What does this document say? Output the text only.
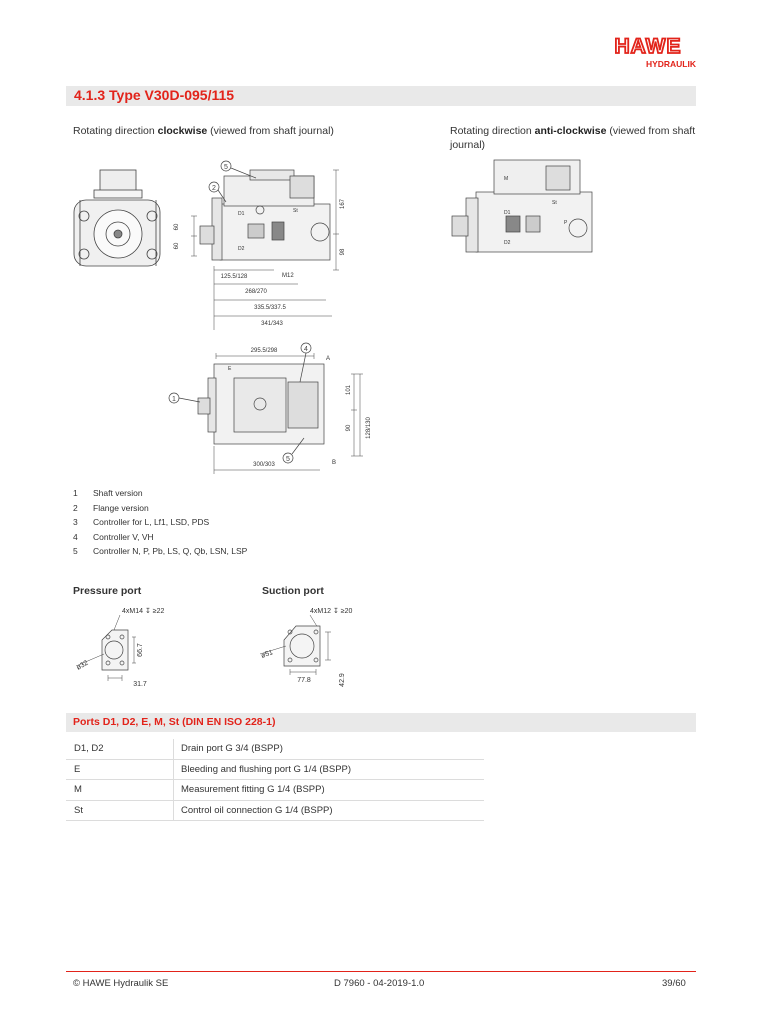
HAWE
HYDRAULIK
4.1.3 Type V30D-095/115
Rotating direction clockwise (viewed from shaft journal)	Rotating direction anti-clockwise (viewed from shaft
journal)
2
5
D1
D2
St
M12
60
60
167
98
125.5/128
268/270
335.5/337.5
341/343
M
D1
D2
St
P
1
4
5
E
A
B
295.5/298
101
90 128/130
300/303
1	Shaft version
2	Flange version
3	Controller for L, Lf1, LSD, PDS
4	Controller V, VH
5	Controller N, P, Pb, LS, Q, Qb, LSN, LSP
Pressure port
4xM14 ↧ ≥22
ø32
66.7
31.7
Suction port
4xM12 ↧ ≥20
ø51
77.8	42.9
Ports D1, D2, E, M, St (DIN EN ISO 228-1)
D1, D2	Drain port G 3/4 (BSPP)
E	Bleeding and flushing port G 1/4 (BSPP)
M	Measurement fitting G 1/4 (BSPP)
St	Control oil connection G 1/4 (BSPP)
© HAWE Hydraulik SE	D 7960 - 04-2019-1.0	39/60
